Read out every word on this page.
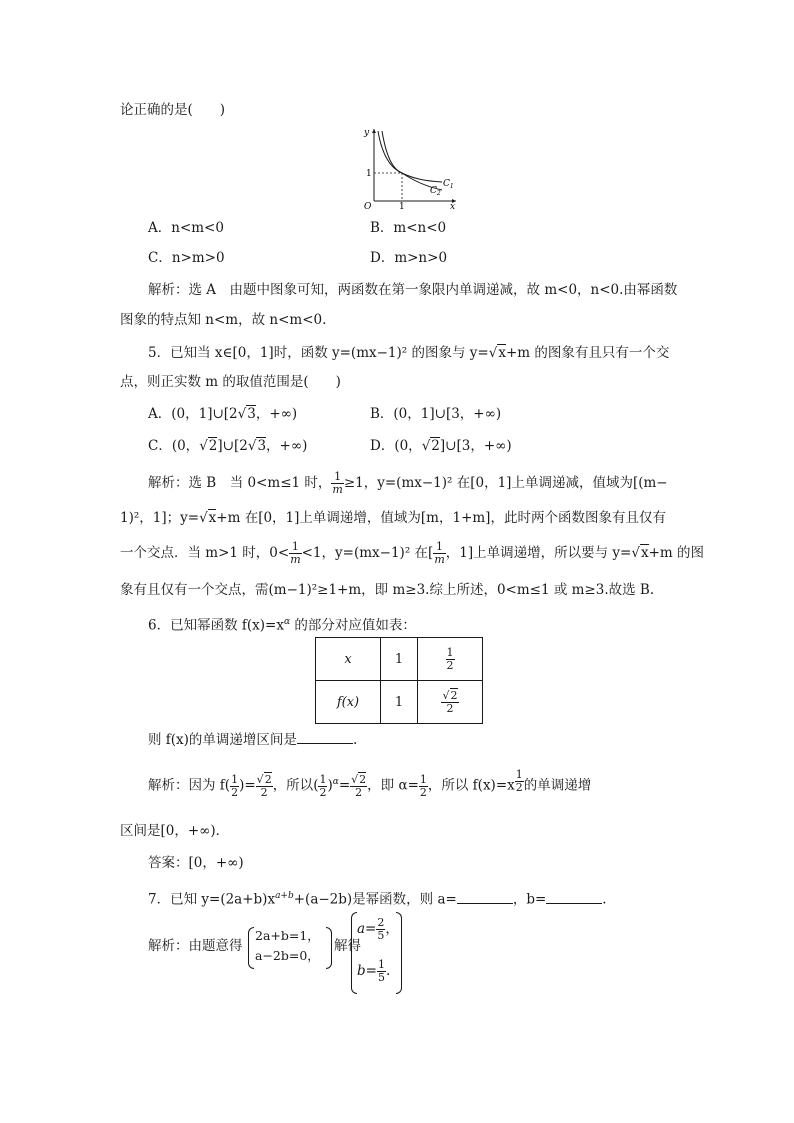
论正确的是(　　)
y
x
O	1
1
$C_1$
$C_2$
A．n<m<0	B．m<n<0
C．n>m>0	D．m>n>0
解析：选 A　由题中图象可知，两函数在第一象限内单调递减，故 m<0，n<0.由幂函数
图象的特点知 n<m，故 n<m<0.
5．已知当 x∈[0，1]时，函数 y=(mx−1)² 的图象与 y=√x+m 的图象有且只有一个交
点，则正实数 m 的取值范围是(　　)
A．(0，1]∪[2√3，+∞)	B．(0，1]∪[3，+∞)
C．(0，√2]∪[2√3，+∞)	D．(0，√2]∪[3，+∞)
解析：选 B　当 0<m≤1 时， $\frac{1}{m} \ge 1$，y=(mx−1)² 在[0，1]上单调递减，值域为[(m−
1)²，1]；y=√x+m 在[0，1]上单调递增，值域为[m，1+m]，此时两个函数图象有且仅有
一个交点．当 m>1 时，$0< \frac{1}{m} <1$，y=(mx−1)² 在[ $\frac{1}{m}$ ，1]上单调递增，所以要与 y=√x+m 的图
象有且仅有一个交点，需(m−1)²≥1+m，即 m≥3.综上所述，0<m≤1 或 m≥3.故选 B.
6．已知幂函数 $f(x)=x^\alpha$ 的部分对应值如表：
x	1	$\frac{1}{2}$

f(x)	1	$\frac{√2}{2}$
则 f(x)的单调递增区间是	.
解析：因为 $f( \frac{1}{2}$ )= $\frac{√2}{2}$ ，所以( $\frac{1}{2} )^\alpha= \frac{√2}{2}$ ，即 $\alpha= \frac{1}{2}$ ，所以 f(x)=x $^{\frac{1}{2}}$ 的单调递增
区间是[0，+∞)．
答案：[0，+∞)
7．已知 $y=(2a+b)x^{a+b}+(a-2b)$是幂函数，则 a=	，b=	.
解析：由题意得
2a+b=1，
a−2b=0，
解得
$a= \frac{2}{5}$ ，
$b= \frac{1}{5}$ .
